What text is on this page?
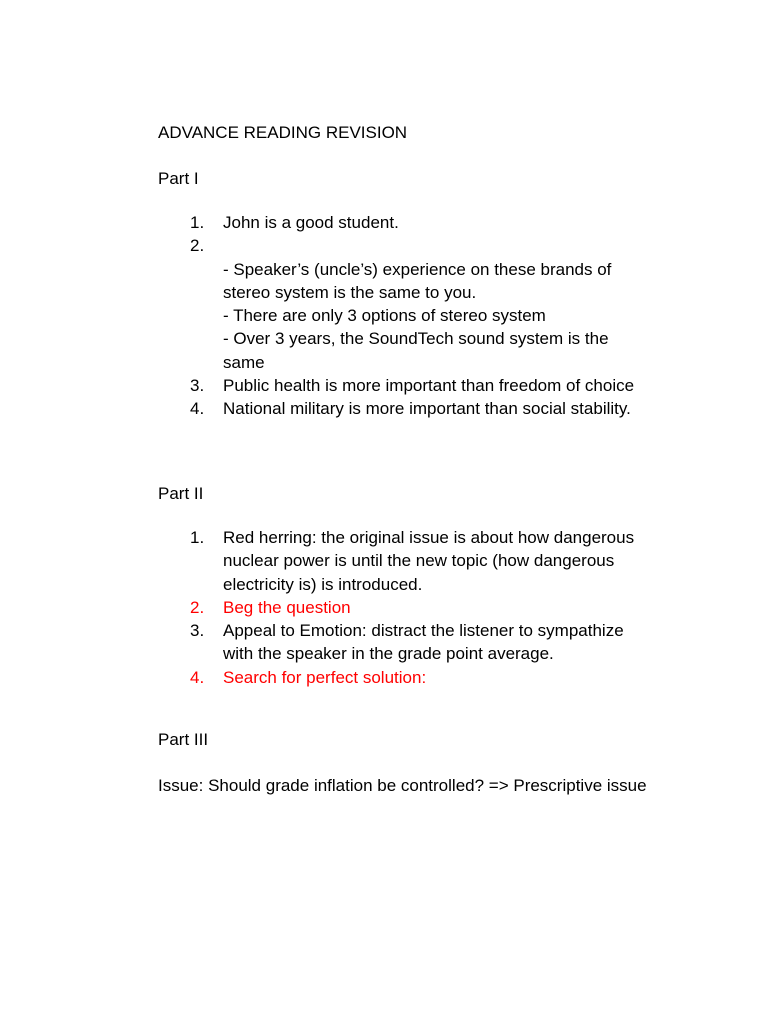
ADVANCE READING REVISION

Part I

1.	John is a good student.
2.

- Speaker’s (uncle’s) experience on these brands of stereo system is the same to you.
- There are only 3 options of stereo system
- Over 3 years, the SoundTech sound system is the same
3.	Public health is more important than freedom of choice
4.	National military is more important than social stability.

Part II

1.	Red herring: the original issue is about how dangerous nuclear power is until the new topic (how dangerous electricity is) is introduced.
2.	Beg the question
3.	Appeal to Emotion: distract the listener to sympathize with the speaker in the grade point average.
4.	Search for perfect solution:

Part III

Issue: Should grade inflation be controlled? => Prescriptive issue
